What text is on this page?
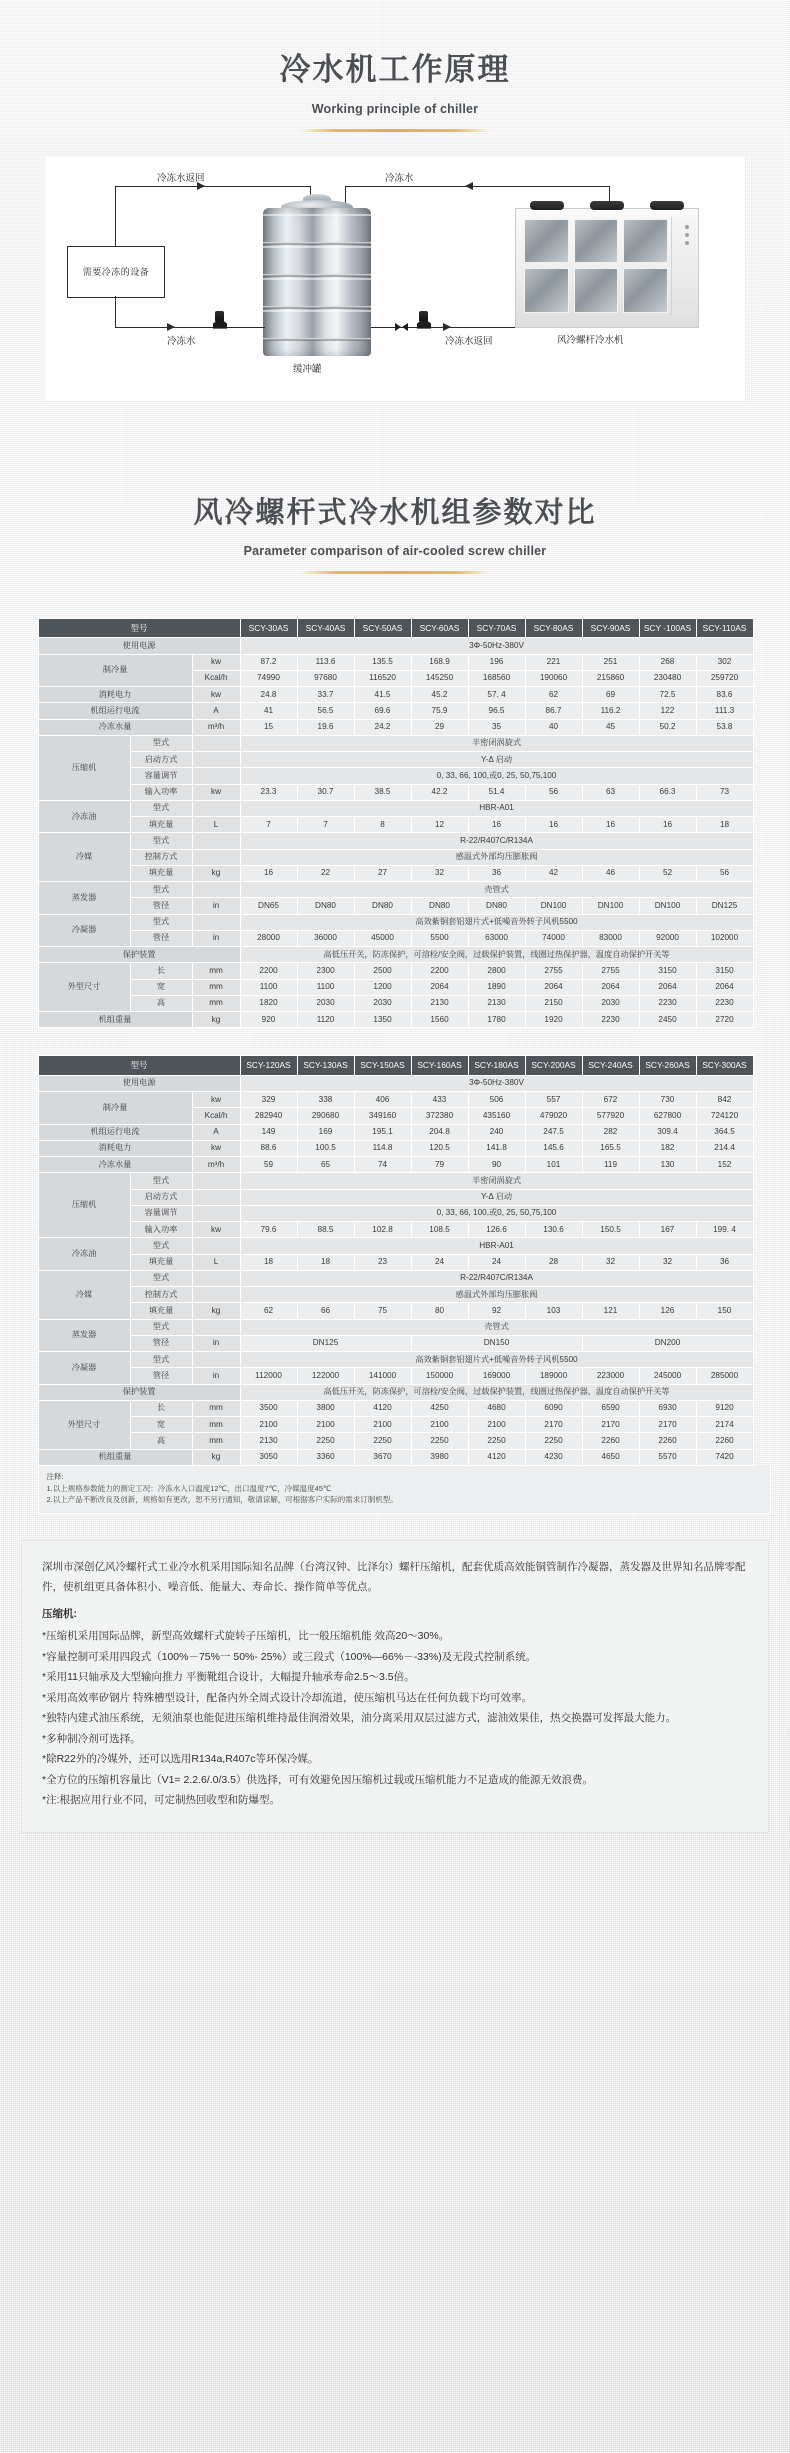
冷水机工作原理
Working principle of chiller
需要冷冻的设备
冷冻水返回	冷冻水
缓冲罐
冷冻水	冷冻水返回	风冷螺杆冷水机
风冷螺杆式冷水机组参数对比
Parameter comparison of air-cooled screw chiller
型号			SCY-30AS	SCY-40AS	SCY-50AS	SCY-60AS	SCY-70AS	SCY-80AS	SCY-90AS	SCY -100AS	SCY-110AS
使用电源			3Φ-50Hz-380V								
制冷量		kw	87.2	113.6	135.5	168.9	196	221	251	268	302
		Kcal/h	74990	97680	116520	145250	168560	190060	215860	230480	259720
消耗电力		kw	24.8	33.7	41.5	45.2	57. 4	62	69	72.5	83.6
机组运行电流		A	41	56.5	69.6	75.9	96.5	86.7	116.2	122	111.3
冷冻水量		m³/h	15	19.6	24.2	29	35	40	45	50.2	53.8
压缩机	型式		半密闭涡旋式								
	启动方式		Y-Δ 启动								
	容量调节		0, 33, 66, 100,或0, 25, 50,75,100								
	输入功率	kw	23.3	30.7	38.5	42.2	51.4	56	63	66.3	73
冷冻油	型式		HBR-A01								
	填充量	L	7	7	8	12	16	16	16	16	18
冷媒	型式		R-22/R407C/R134A								
	控制方式		感温式外部均压膨胀阀								
	填充量	kg	16	22	27	32	36	42	46	52	56
蒸发器	型式		壳管式								
	管径	in	DN65	DN80	DN80	DN80	DN80	DN100	DN100	DN100	DN125
冷凝器	型式		高效紫铜套铝翅片式+低噪音外转子风机5500								
	管径	in	28000	36000	45000	5500	63000	74000	83000	92000	102000
保护装置			高低压开关，防冻保护，可溶栓/安全阀，过载保护装置，线圈过热保护器，温度自动保护开关等								
外型尺寸	长	mm	2200	2300	2500	2200	2800	2755	2755	3150	3150
	宽	mm	1100	1100	1200	2064	1890	2064	2064	2064	2064
	高	mm	1820	2030	2030	2130	2130	2150	2030	2230	2230
机组重量		kg	920	1120	1350	1560	1780	1920	2230	2450	2720
型号			SCY-120AS	SCY-130AS	SCY-150AS	SCY-160AS	SCY-180AS	SCY-200AS	SCY-240AS	SCY-260AS	SCY-300AS
使用电源			3Φ-50Hz-380V								
制冷量		kw	329	338	406	433	506	557	672	730	842
		Kcal/h	282940	290680	349160	372380	435160	479020	577920	627800	724120
机组运行电流		A	149	169	195.1	204.8	240	247.5	282	309.4	364.5
消耗电力		kw	88.6	100.5	114.8	120.5	141.8	145.6	165.5	182	214.4
冷冻水量		m³/h	59	65	74	79	90	101	119	130	152
压缩机	型式		半密闭涡旋式								
	启动方式		Y-Δ 启动								
	容量调节		0, 33, 66, 100,或0, 25, 50,75,100								
	输入功率	kw	79.6	88.5	102.8	108.5	126.6	130.6	150.5	167	199. 4
冷冻油	型式		HBR-A01								
	填充量	L	18	18	23	24	24	28	32	32	36
冷媒	型式		R-22/R407C/R134A								
	控制方式		感温式外部均压膨胀阀								
	填充量	kg	62	66	75	80	92	103	121	126	150
蒸发器	型式		壳管式								
	管径	in	DN125			DN150			DN200		
冷凝器	型式		高效紫铜套铝翅片式+低噪音外转子风机5500								
	管径	in	112000	122000	141000	150000	169000	189000	223000	245000	285000
保护装置			高低压开关，防冻保护，可溶栓/安全阀，过载保护装置，线圈过热保护器，温度自动保护开关等								
外型尺寸	长	mm	3500	3800	4120	4250	4680	6090	6590	6930	9120
	宽	mm	2100	2100	2100	2100	2100	2170	2170	2170	2174
	高	mm	2130	2250	2250	2250	2250	2250	2260	2260	2260
机组重量		kg	3050	3360	3670	3980	4120	4230	4650	5570	7420
注释:
1.以上规格参数能力的测定工况：冷冻水入口温度12℃，出口温度7℃，冷媒温度45℃
2.以上产品不断改良及创新，规格如有更改，恕不另行通知，敬请谅解，可根据客户实际的需求订制机型。

深圳市深创亿风冷螺杆式工业冷水机采用国际知名品牌（台湾汉钟、比泽尔）螺杆压缩机，配套优质高效能铜管制作冷凝器，蒸发器及世界知名品牌零配件，使机组更具备体积小、噪音低、能量大、寿命长、操作简单等优点。

压缩机:

*压缩机采用国际品牌，新型高效螺杆式旋转子压缩机，比一般压缩机能 效高20～30%。

*容量控制可采用四段式（100%－75%一 50%- 25%）或三段式（100%—66%－-33%)及无段式控制系统。

*采用11只轴承及大型输向推力 平衡靴组合设计，大幅提升轴承寿命2.5～3.5倍。

*采用高效率矽钢片 特殊槽型设计，配备内外全周式设计冷却流道，使压缩机马达在任何负载下均可效率。

*独特内建式油压系统，无须油泵也能促进压缩机维持最佳润滑效果，油分离采用双层过滤方式，滤油效果佳，热交换器可发挥最大能力。

*多种制冷剂可选择。

*除R22外的冷媒外，还可以选用R134a,R407c等环保冷媒。

*全方位的压缩机容量比（V1= 2.2.6/.0/3.5）供选择，可有效避免因压缩机过载或压缩机能力不足造成的能源无效浪费。

*注:根据应用行业不同，可定制热回收型和防爆型。
